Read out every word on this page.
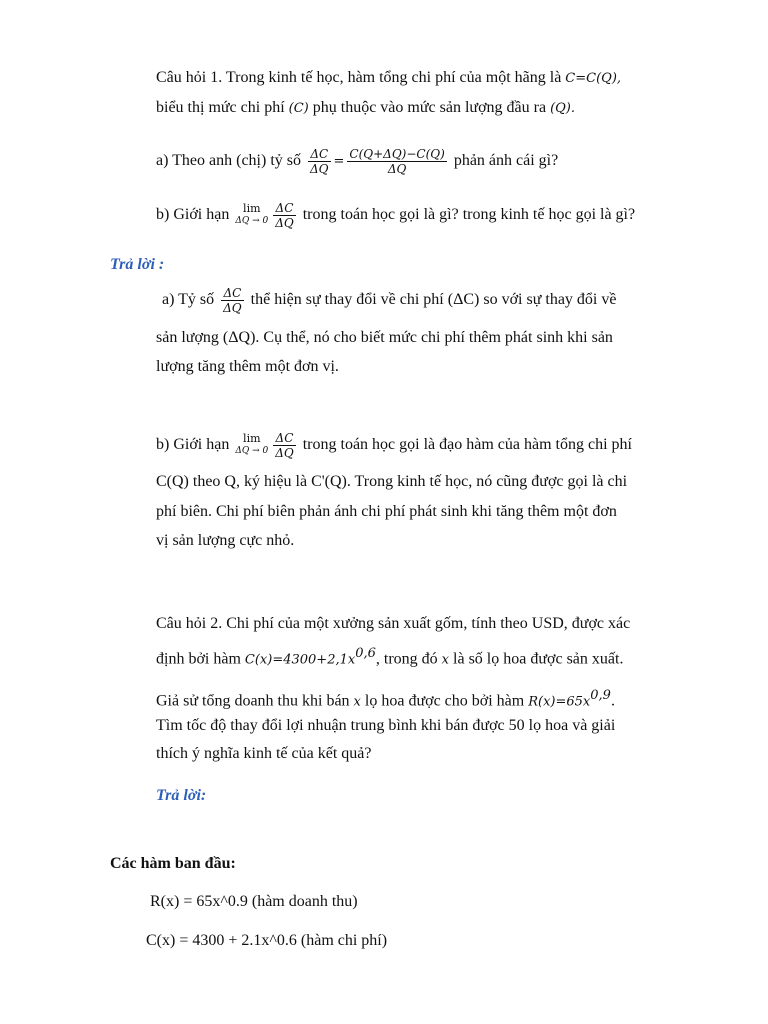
Câu hỏi 1. Trong kinh tế học, hàm tổng chi phí của một hãng là C=C(Q),
biểu thị mức chi phí (C) phụ thuộc vào mức sản lượng đầu ra (Q).
a) Theo anh (chị) tỷ số $\frac{\Delta C}{\Delta Q} = \frac{C(Q+\Delta Q)-C(Q)}{\Delta Q}$ phản ánh cái gì?
b) Giới hạn lim
$\Delta Q \to 0 \frac{\Delta C}{\Delta Q}$ trong toán học gọi là gì? trong kinh tế học gọi là gì?
Trả lời :
a) Tỷ số $\frac{\Delta C}{\Delta Q}$ thể hiện sự thay đổi về chi phí (ΔC) so với sự thay đổi về
sản lượng (ΔQ). Cụ thể, nó cho biết mức chi phí thêm phát sinh khi sản
lượng tăng thêm một đơn vị.
b) Giới hạn lim
$\Delta Q \to 0 \frac{\Delta C}{\Delta Q}$ trong toán học gọi là đạo hàm của hàm tổng chi phí
C(Q) theo Q, ký hiệu là C'(Q). Trong kinh tế học, nó cũng được gọi là chi
phí biên. Chi phí biên phản ánh chi phí phát sinh khi tăng thêm một đơn
vị sản lượng cực nhỏ.
Câu hỏi 2. Chi phí của một xưởng sản xuất gốm, tính theo USD, được xác
định bởi hàm $C(x)=4300+2,1x^{0,6}$, trong đó x là số lọ hoa được sản xuất.
Giả sử tổng doanh thu khi bán x lọ hoa được cho bởi hàm $R(x)=65x^{0,9}$.
Tìm tốc độ thay đổi lợi nhuận trung bình khi bán được 50 lọ hoa và giải
thích ý nghĩa kinh tế của kết quả?
Trả lời:
Các hàm ban đầu:
R(x) = 65x^0.9 (hàm doanh thu)
C(x) = 4300 + 2.1x^0.6 (hàm chi phí)
